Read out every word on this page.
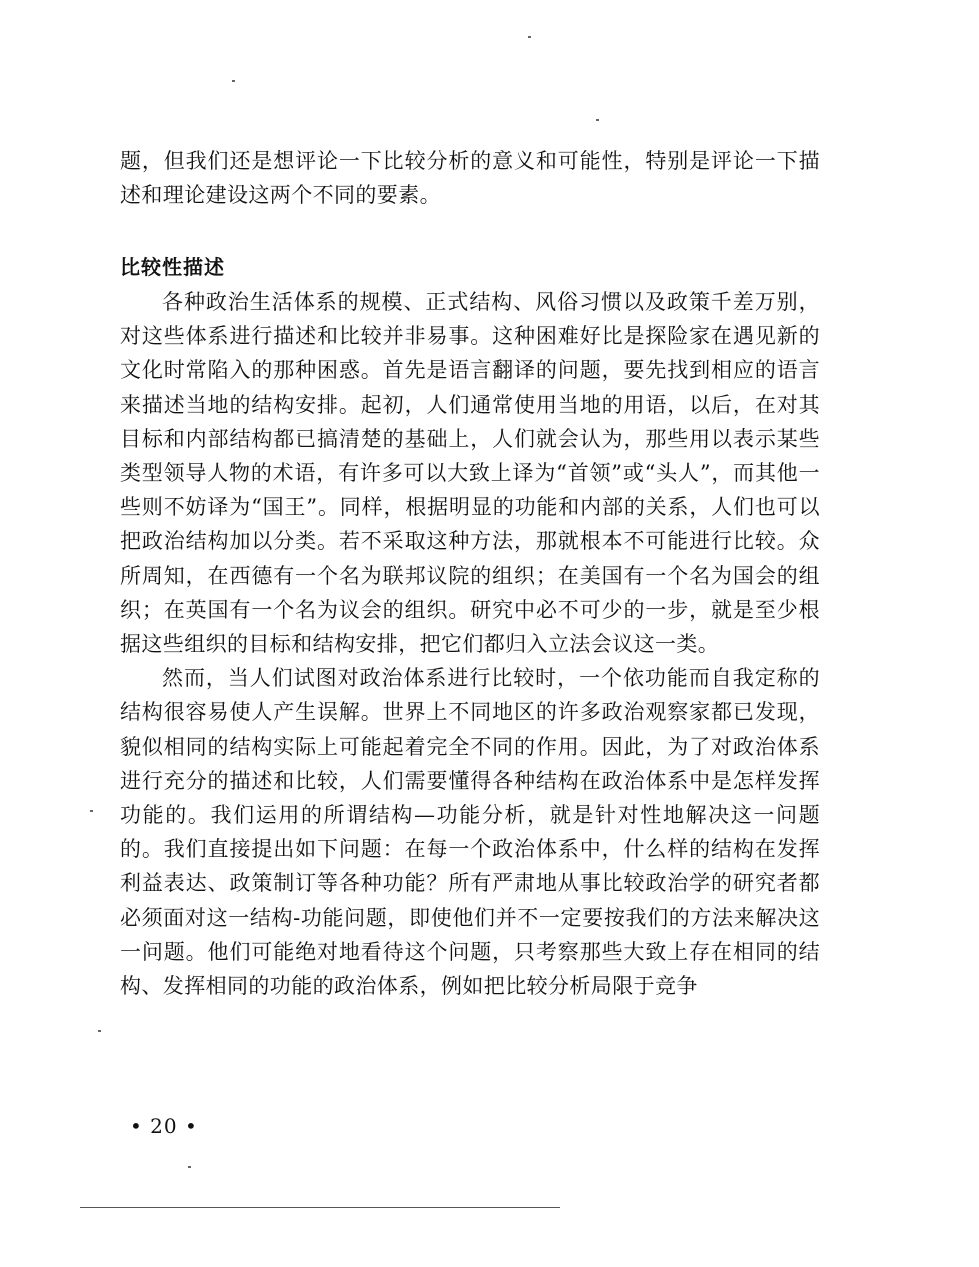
题，但我们还是想评论一下比较分析的意义和可能性，特别是评论一下描述和理论建设这两个不同的要素。
比较性描述

各种政治生活体系的规模、正式结构、风俗习惯以及政策千差万别，对这些体系进行描述和比较并非易事。这种困难好比是探险家在遇见新的文化时常陷入的那种困惑。首先是语言翻译的问题，要先找到相应的语言来描述当地的结构安排。起初，人们通常使用当地的用语，以后，在对其目标和内部结构都已搞清楚的基础上，人们就会认为，那些用以表示某些类型领导人物的术语，有许多可以大致上译为“首领”或“头人”，而其他一些则不妨译为“国王”。同样，根据明显的功能和内部的关系，人们也可以把政治结构加以分类。若不采取这种方法，那就根本不可能进行比较。众所周知，在西德有一个名为联邦议院的组织；在美国有一个名为国会的组织；在英国有一个名为议会的组织。研究中必不可少的一步，就是至少根据这些组织的目标和结构安排，把它们都归入立法会议这一类。

然而，当人们试图对政治体系进行比较时，一个依功能而自我定称的结构很容易使人产生误解。世界上不同地区的许多政治观察家都已发现，貌似相同的结构实际上可能起着完全不同的作用。因此，为了对政治体系进行充分的描述和比较，人们需要懂得各种结构在政治体系中是怎样发挥功能的。我们运用的所谓结构—功能分析，就是针对性地解决这一问题的。我们直接提出如下问题：在每一个政治体系中，什么样的结构在发挥利益表达、政策制订等各种功能？所有严肃地从事比较政治学的研究者都必须面对这一结构-功能问题，即使他们并不一定要按我们的方法来解决这一问题。他们可能绝对地看待这个问题，只考察那些大致上存在相同的结构、发挥相同的功能的政治体系，例如把比较分析局限于竞争

• 20 •
